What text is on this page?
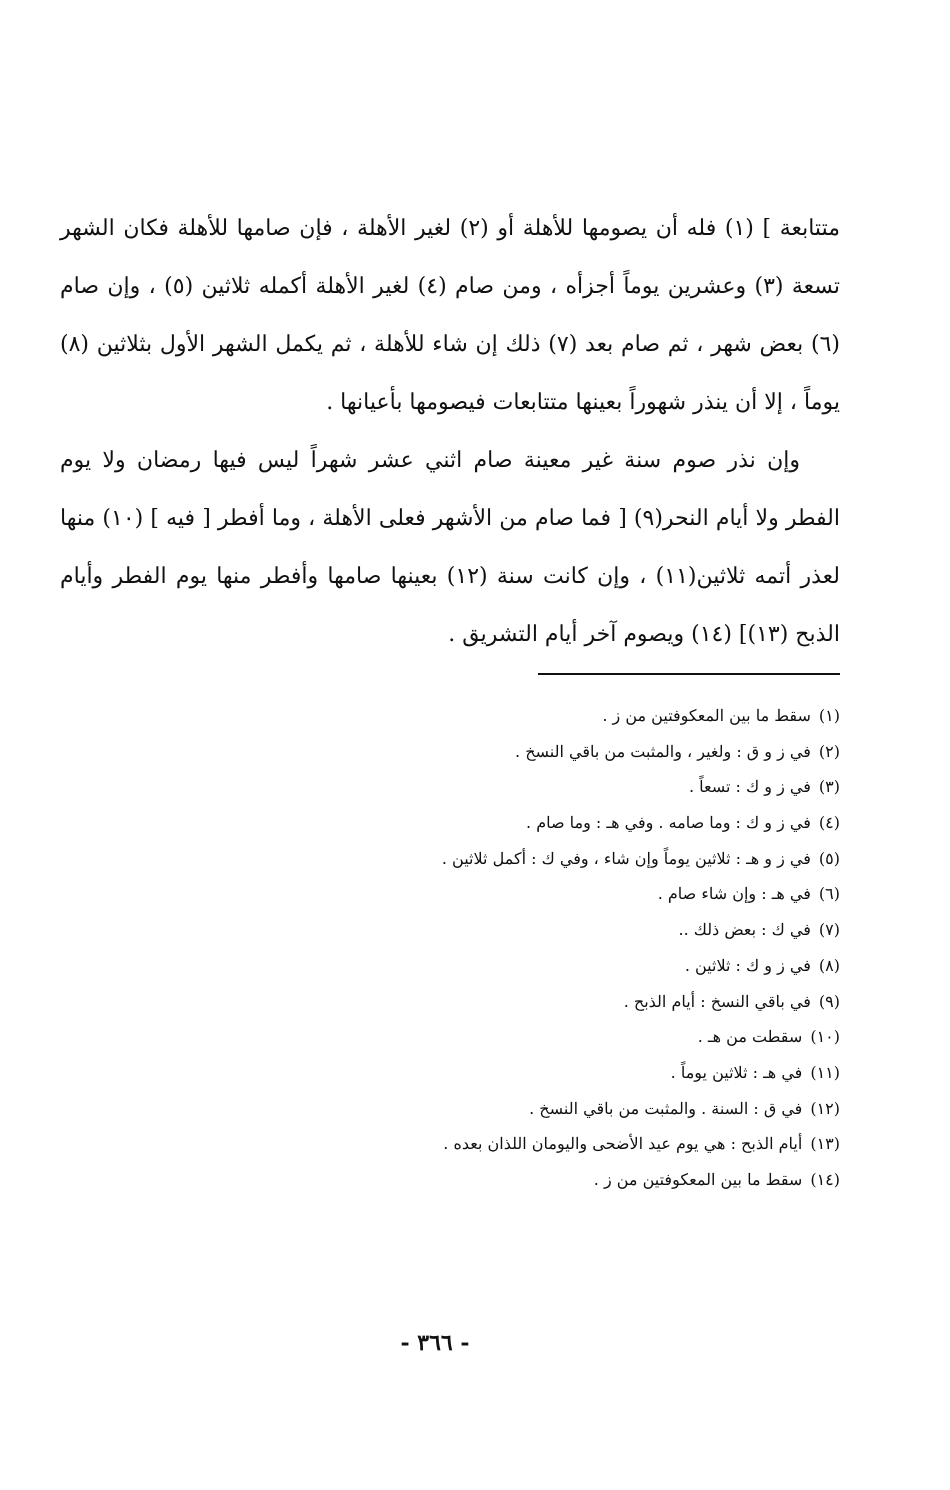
متتابعة ] (١) فله أن يصومها للأهلة أو (٢) لغير الأهلة ، فإن صامها للأهلة فكان الشهر تسعة (٣) وعشرين يوماً أجزأه ، ومن صام (٤) لغير الأهلة أكمله ثلاثين (٥) ، وإن صام (٦) بعض شهر ، ثم صام بعد (٧) ذلك إن شاء للأهلة ، ثم يكمل الشهر الأول بثلاثين (٨) يوماً ، إلا أن ينذر شهوراً بعينها متتابعات فيصومها بأعيانها .

وإن نذر صوم سنة غير معينة صام اثني عشر شهراً ليس فيها رمضان ولا يوم الفطر ولا أيام النحر(٩) [ فما صام من الأشهر فعلى الأهلة ، وما أفطر [ فيه ] (١٠) منها لعذر أتمه ثلاثين(١١) ، وإن كانت سنة (١٢) بعينها صامها وأفطر منها يوم الفطر وأيام الذبح (١٣)] (١٤) ويصوم آخر أيام التشريق .

(١)سقط ما بين المعكوفتين من ز .
(٢)في ز و ق : ولغير ، والمثبت من باقي النسخ .
(٣)في ز و ك : تسعاً .
(٤)في ز و ك : وما صامه . وفي هـ : وما صام .
(٥)في ز و هـ : ثلاثين يوماً وإن شاء ، وفي ك : أكمل ثلاثين .
(٦)في هـ : وإن شاء صام .
(٧)في ك : بعض ذلك ..
(٨)في ز و ك : ثلاثين .
(٩)في باقي النسخ : أيام الذبح .
(١٠)سقطت من هـ .
(١١)في هـ : ثلاثين يوماً .
(١٢)في ق : السنة . والمثبت من باقي النسخ .
(١٣)أيام الذبح : هي يوم عيد الأضحى واليومان اللذان بعده .
(١٤)سقط ما بين المعكوفتين من ز .
- ٣٦٦ -
